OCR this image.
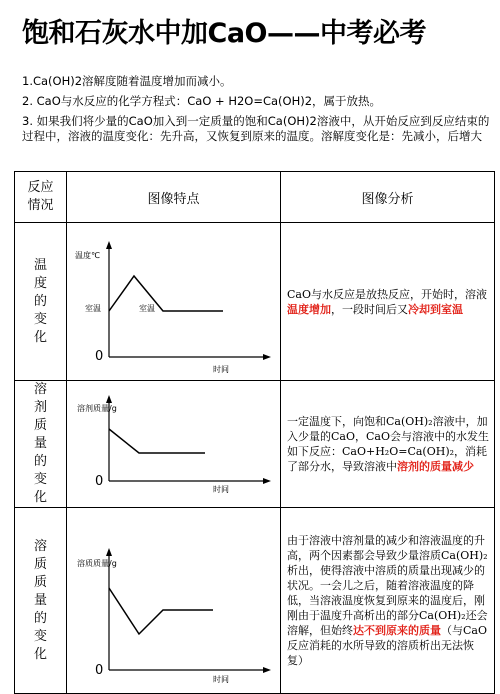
饱和石灰水中加CaO——中考必考

1.Ca(OH)2溶解度随着温度增加而减小。

2. CaO与水反应的化学方程式：CaO + H2O=Ca(OH)2，属于放热。

3. 如果我们将少量的CaO加入到一定质量的饱和Ca(OH)2溶液中，从开始反应到反应结束的过程中，溶液的温度变化：先升高，又恢复到原来的温度。溶解度变化是：先减小，后增大

反应情况	图像特点	图像分析

温度的变化	温度℃
室温 室温
0
时间	CaO与水反应是放热反应，开始时，溶液温度增加，一段时间后又冷却到室温

溶剂质量的变化	溶剂质量/g
0
时间	一定温度下，向饱和Ca(OH)₂溶液中，加入少量的CaO，CaO会与溶液中的水发生如下反应：CaO+H₂O=Ca(OH)₂，消耗了部分水，导致溶液中溶剂的质量减少

溶质质量的变化	溶质质量/g
0
时间	由于溶液中溶剂量的减少和溶液温度的升高，两个因素都会导致少量溶质Ca(OH)₂析出，使得溶液中溶质的质量出现减少的状况。一会儿之后，随着溶液温度的降低，当溶液温度恢复到原来的温度后，刚刚由于温度升高析出的部分Ca(OH)₂还会溶解，但始终达不到原来的质量（与CaO反应消耗的水所导致的溶质析出无法恢复）
